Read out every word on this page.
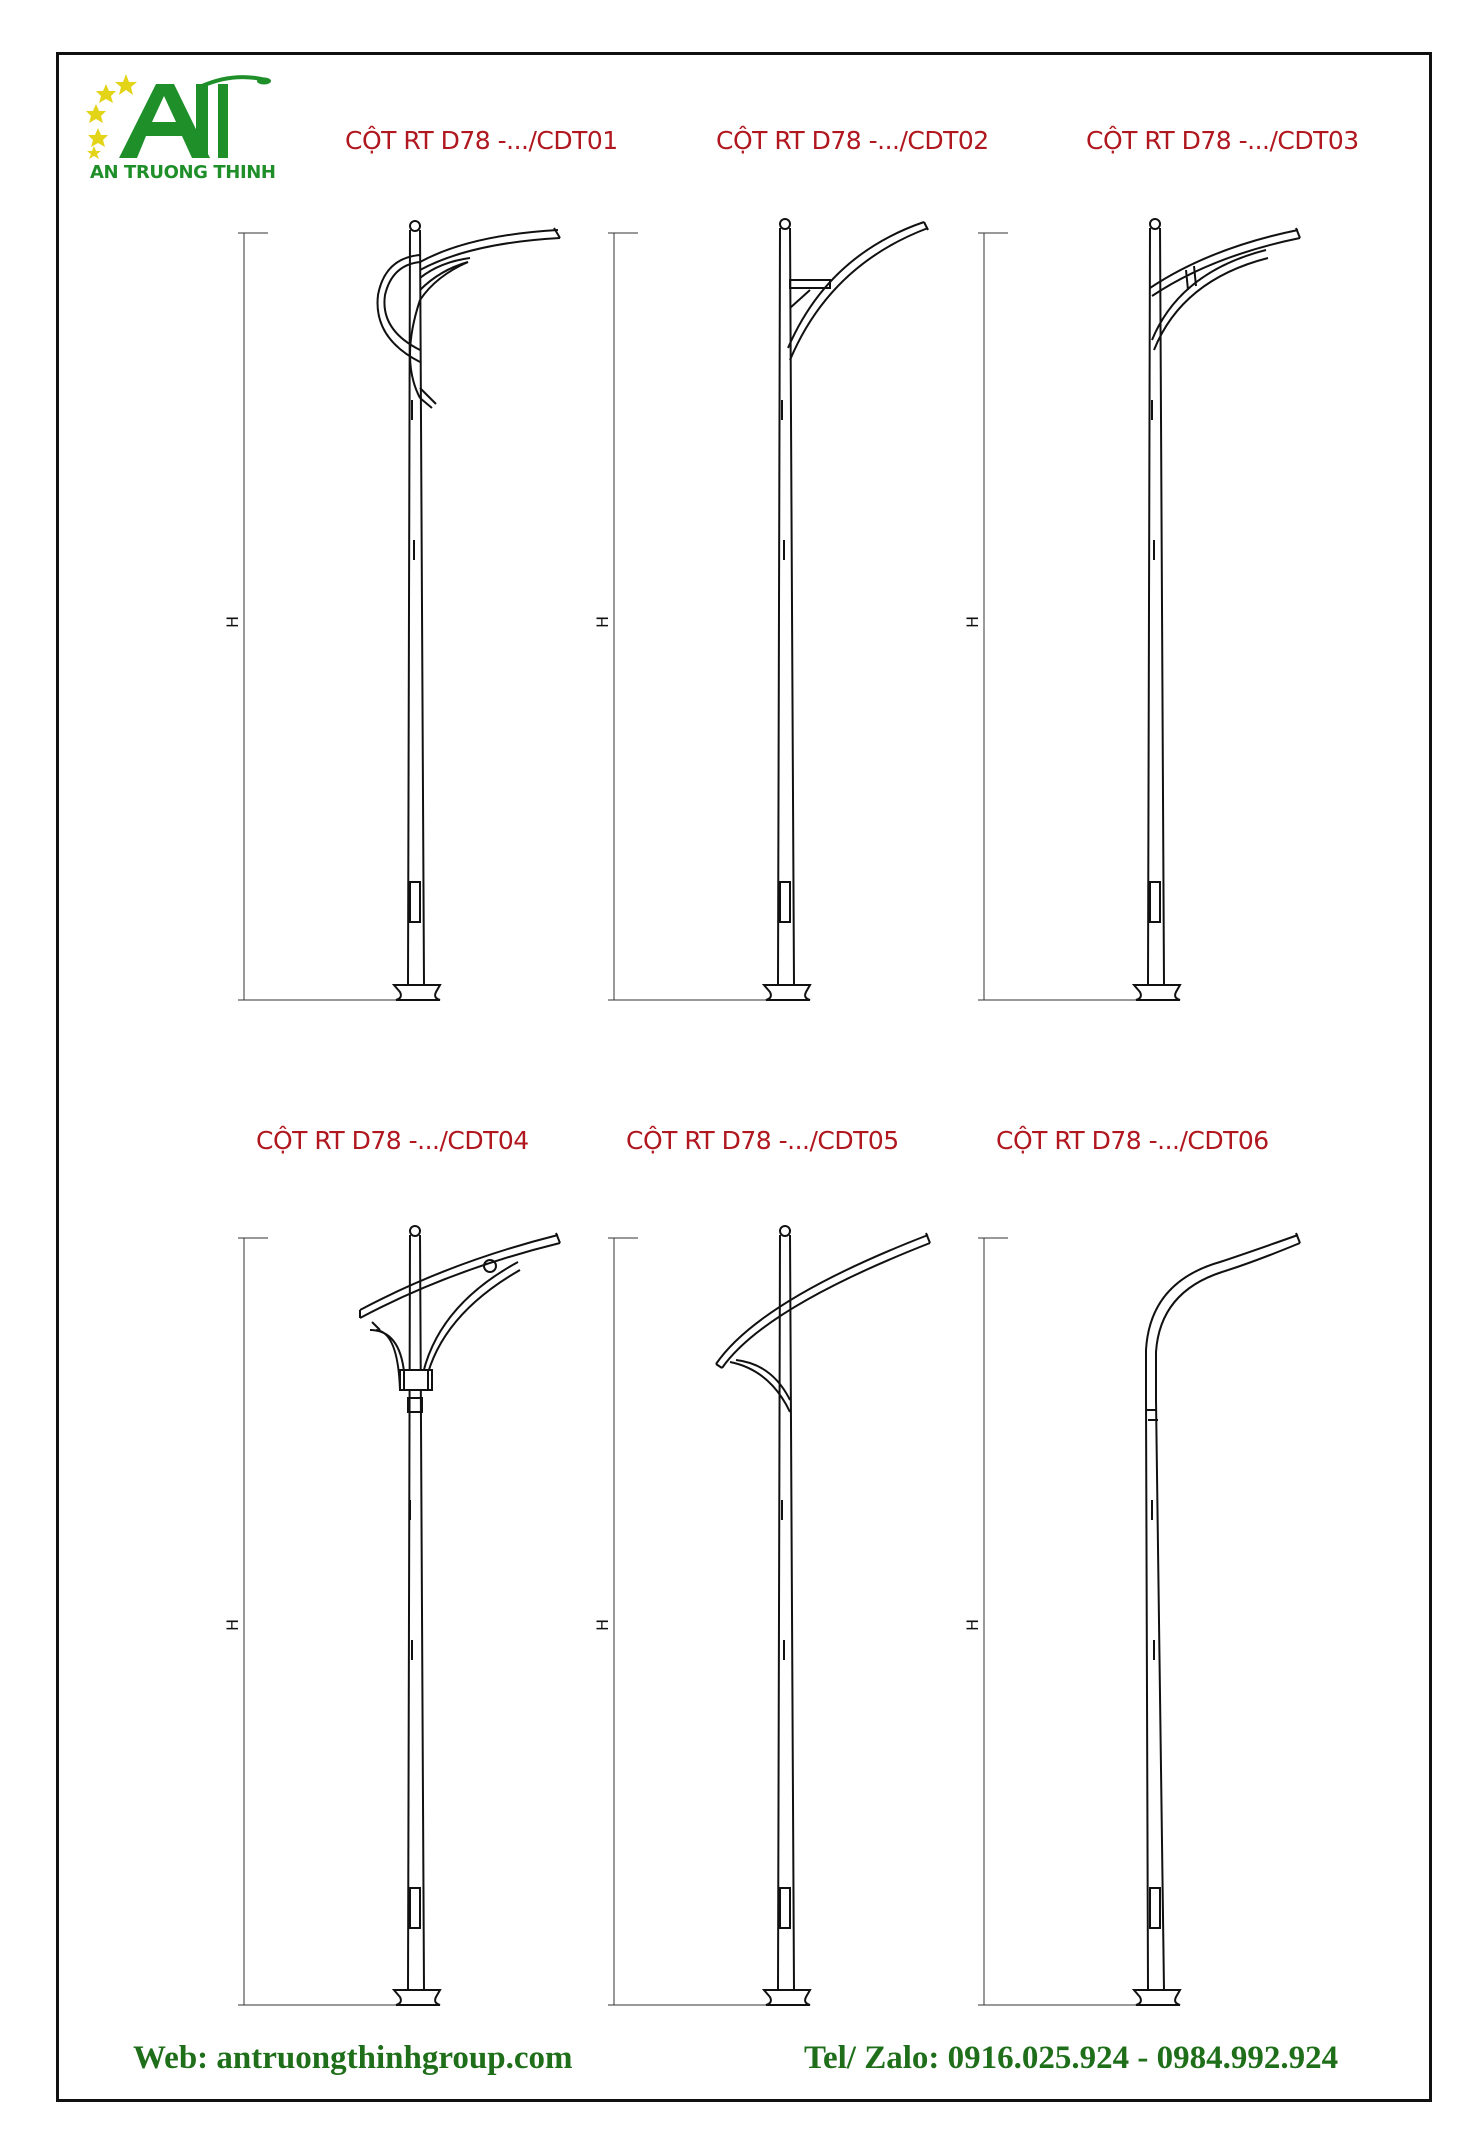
AN TRUONG THINH
CỘT RT D78 -.../CDT01	CỘT RT D78 -.../CDT02	CỘT RT D78 -.../CDT03
CỘT RT D78 -.../CDT04	CỘT RT D78 -.../CDT05	CỘT RT D78 -.../CDT06
H	H	H
H	H	H
Web: antruongthinhgroup.com	Tel/ Zalo: 0916.025.924 - 0984.992.924
